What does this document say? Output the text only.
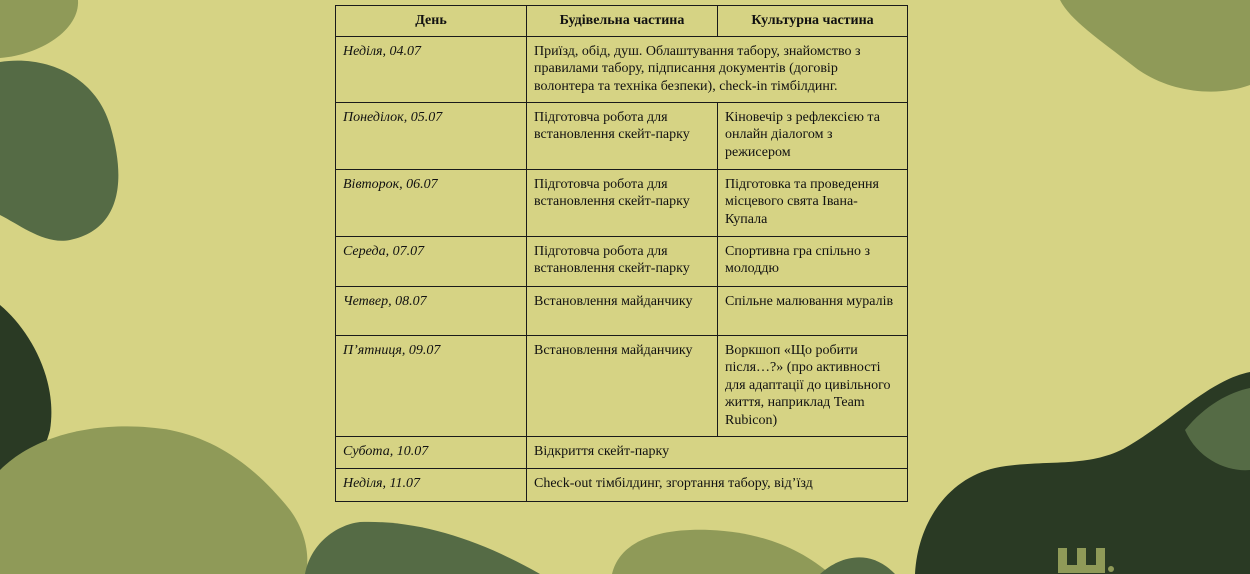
День	Будівельна частина	Культурна частина
Неділя, 04.07	Приїзд, обід, душ. Облаштування табору, знайомство з правилами табору, підписання документів (договір волонтера та техніка безпеки), check-in тімбілдинг.	
Понеділок, 05.07	Підготовча робота для встановлення скейт-парку	Кіновечір з рефлексією та онлайн діалогом з режисером
Вівторок, 06.07	Підготовча робота для встановлення скейт-парку	Підготовка та проведення місцевого свята Івана-Купала
Середа, 07.07	Підготовча робота для встановлення скейт-парку	Спортивна гра спільно з молоддю
Четвер, 08.07	Встановлення майданчику	Спільне малювання муралів
П’ятниця, 09.07	Встановлення майданчику	Воркшоп «Що робити після…?» (про активності для адаптації до цивільного життя, наприклад Team Rubicon)
Субота, 10.07	Відкриття скейт-парку	
Неділя, 11.07	Check-out тімбілдинг, згортання табору, від’їзд	
